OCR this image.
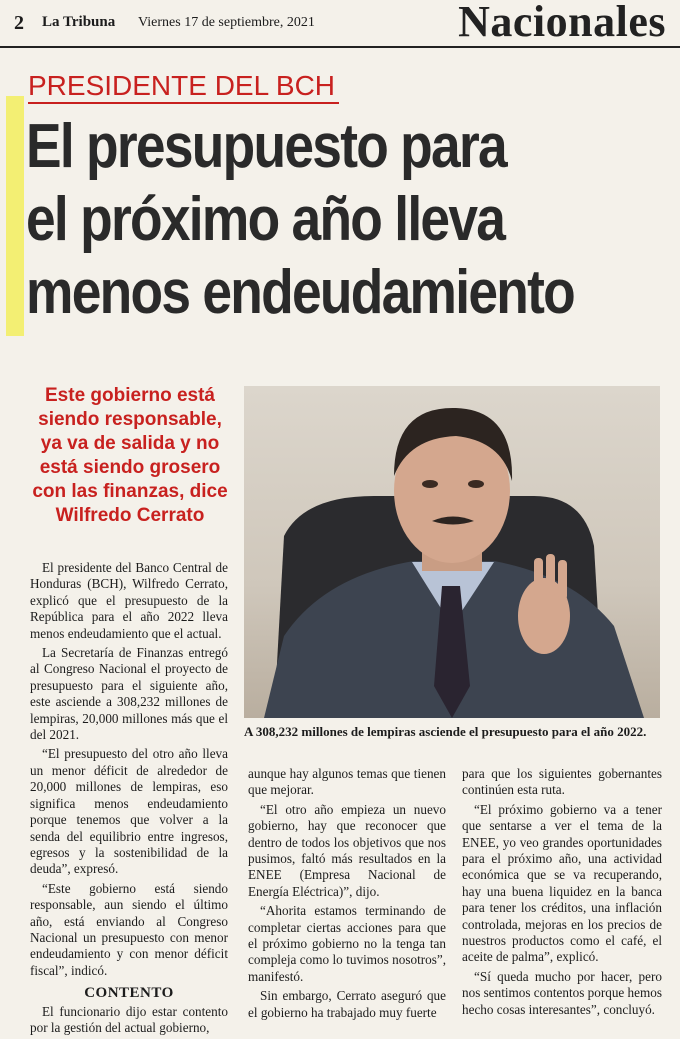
2 La Tribuna Viernes 17 de septiembre, 2021	Nacionales
PRESIDENTE DEL BCH
El presupuesto para
el próximo año lleva
menos endeudamiento
Este gobierno está siendo responsable, ya va de salida y no está siendo grosero con las finanzas, dice Wilfredo Cerrato
A 308,232 millones de lempiras asciende el presupuesto para el año 2022.

El presidente del Banco Central de Honduras (BCH), Wilfredo Cerrato, explicó que el presupuesto de la República para el año 2022 lleva menos endeudamiento que el actual.

La Secretaría de Finanzas entregó al Congreso Nacional el proyecto de presupuesto para el siguiente año, este asciende a 308,232 millones de lempiras, 20,000 millones más que el del 2021.

“El presupuesto del otro año lleva un menor déficit de alrededor de 20,000 millones de lempiras, eso significa menos endeudamiento porque tenemos que volver a la senda del equilibrio entre ingresos, egresos y la sostenibilidad de la deuda”, expresó.

“Este gobierno está siendo responsable, aun siendo el último año, está enviando al Congreso Nacional un presupuesto con menor endeudamiento y con menor déficit fiscal”, indicó.

CONTENTO

El funcionario dijo estar contento por la gestión del actual gobierno,

aunque hay algunos temas que tienen que mejorar.

“El otro año empieza un nuevo gobierno, hay que reconocer que dentro de todos los objetivos que nos pusimos, faltó más resultados en la ENEE (Empresa Nacional de Energía Eléctrica)”, dijo.

“Ahorita estamos terminando de completar ciertas acciones para que el próximo gobierno no la tenga tan compleja como lo tuvimos nosotros”, manifestó.

Sin embargo, Cerrato aseguró que el gobierno ha trabajado muy fuerte

para que los siguientes gobernantes continúen esta ruta.

“El próximo gobierno va a tener que sentarse a ver el tema de la ENEE, yo veo grandes oportunidades para el próximo año, una actividad económica que se va recuperando, hay una buena liquidez en la banca para tener los créditos, una inflación controlada, mejoras en los precios de nuestros productos como el café, el aceite de palma”, explicó.

“Sí queda mucho por hacer, pero nos sentimos contentos porque hemos hecho cosas interesantes”, concluyó.
